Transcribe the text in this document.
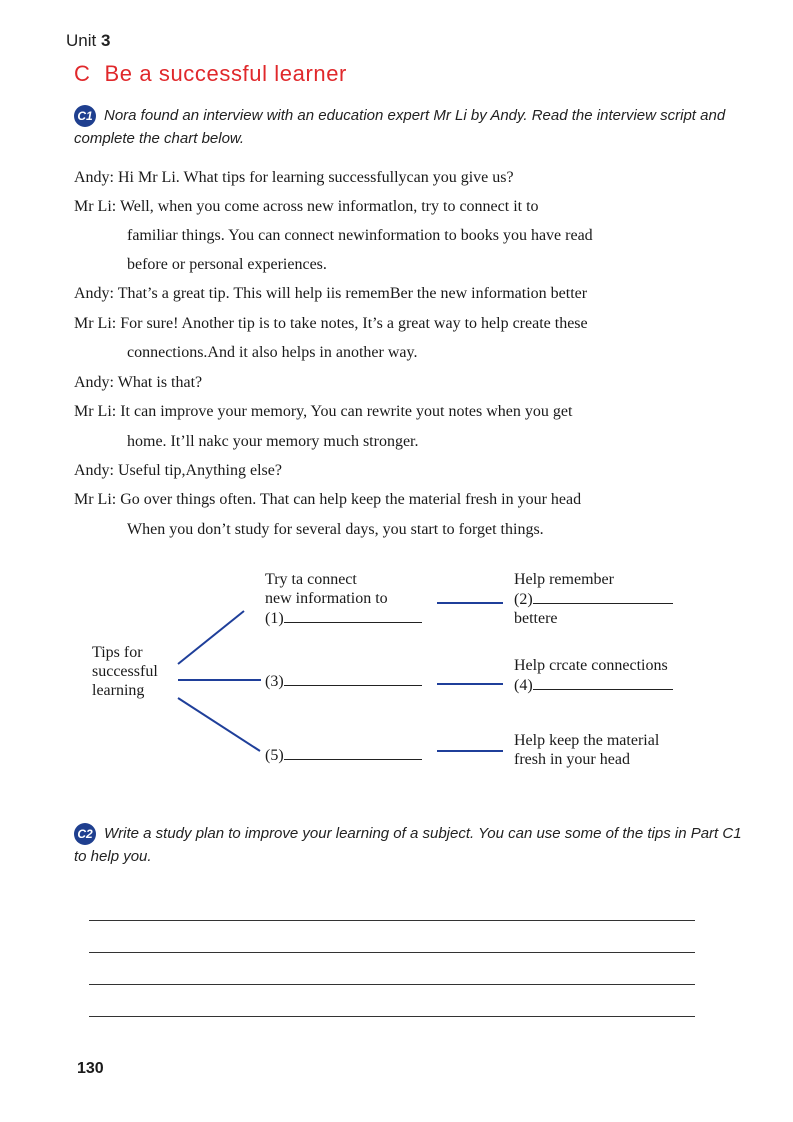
Unit 3
C Be a successful learner
C1 Nora found an interview with an education expert Mr Li by Andy. Read the interview script and complete the chart below.
Andy: Hi Mr Li. What tips for learning successfullycan you give us?
Mr Li: Well, when you come across new informatlon, try to connect it to
familiar things. You can connect newinformation to books you have read
before or personal experiences.
Andy: That’s a great tip. This will help iis rememBer the new information better
Mr Li: For sure! Another tip is to take notes, It’s a great way to help create these
connections.And it also helps in another way.
Andy: What is that?
Mr Li: It can improve your memory, You can rewrite yout notes when you get
home. It’ll nakc your memory much stronger.
Andy: Useful tip,Anything else?
Mr Li: Go over things often. That can help keep the material fresh in your head
When you don’t study for several days, you start to forget things.
Tips for
successful
learning
Try ta connect
new information to
(1)
(3)
(5)
Help remember
(2)
bettere
Help crcate connections
(4)
Help keep the material
fresh in your head
C2 Write a study plan to improve your learning of a subject. You can use some of the tips in Part C1 to help you.
130
